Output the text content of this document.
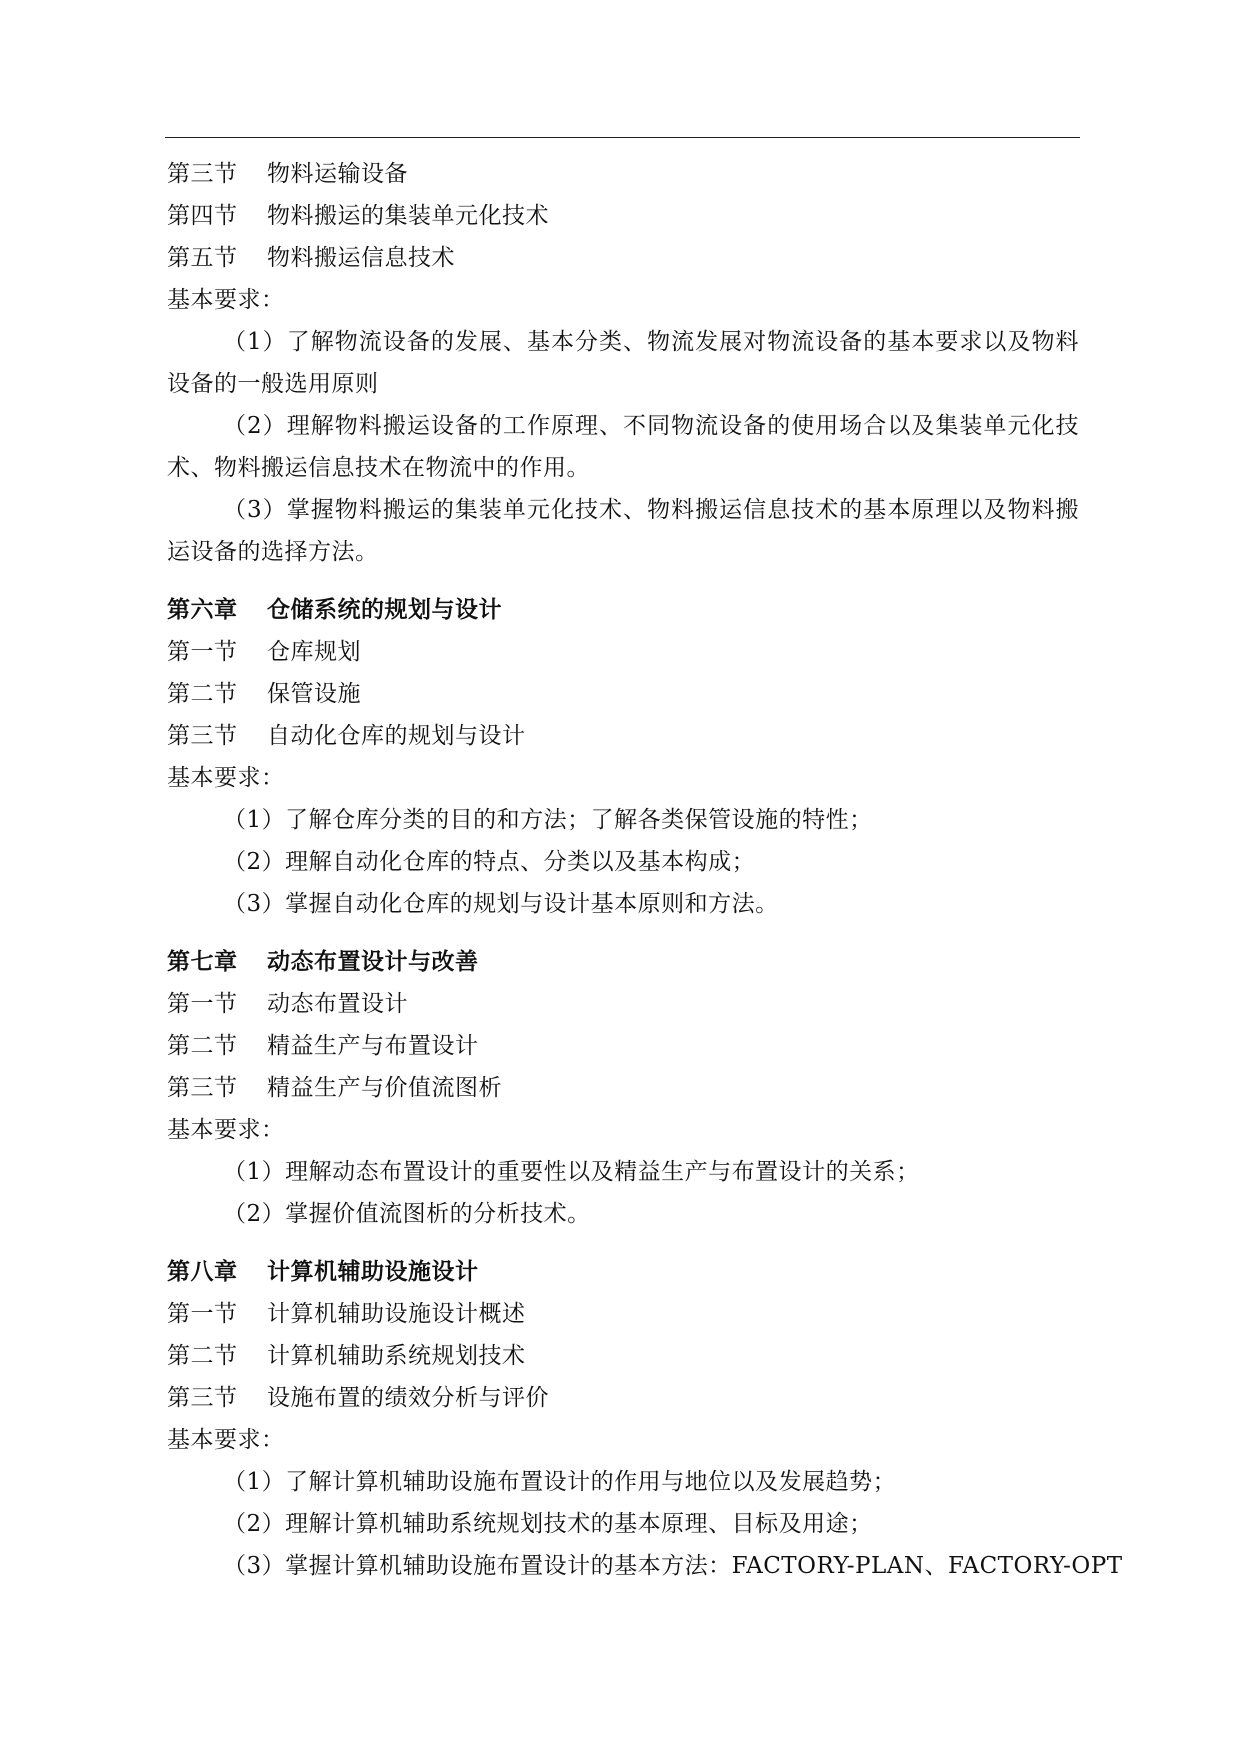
第三节 物料运输设备
第四节 物料搬运的集装单元化技术
第五节 物料搬运信息技术
基本要求：
（1）了解物流设备的发展、基本分类、物流发展对物流设备的基本要求以及物料设备的一般选用原则
（2）理解物料搬运设备的工作原理、不同物流设备的使用场合以及集装单元化技术、物料搬运信息技术在物流中的作用。
（3）掌握物料搬运的集装单元化技术、物料搬运信息技术的基本原理以及物料搬运设备的选择方法。
第六章 仓储系统的规划与设计
第一节 仓库规划
第二节 保管设施
第三节 自动化仓库的规划与设计
基本要求：
（1）了解仓库分类的目的和方法；了解各类保管设施的特性；
（2）理解自动化仓库的特点、分类以及基本构成；
（3）掌握自动化仓库的规划与设计基本原则和方法。
第七章 动态布置设计与改善
第一节 动态布置设计
第二节 精益生产与布置设计
第三节 精益生产与价值流图析
基本要求：
（1）理解动态布置设计的重要性以及精益生产与布置设计的关系；
（2）掌握价值流图析的分析技术。
第八章 计算机辅助设施设计
第一节 计算机辅助设施设计概述
第二节 计算机辅助系统规划技术
第三节 设施布置的绩效分析与评价
基本要求：
（1）了解计算机辅助设施布置设计的作用与地位以及发展趋势；
（2）理解计算机辅助系统规划技术的基本原理、目标及用途；
（3）掌握计算机辅助设施布置设计的基本方法：FACTORY-PLAN、FACTORY-OPT
